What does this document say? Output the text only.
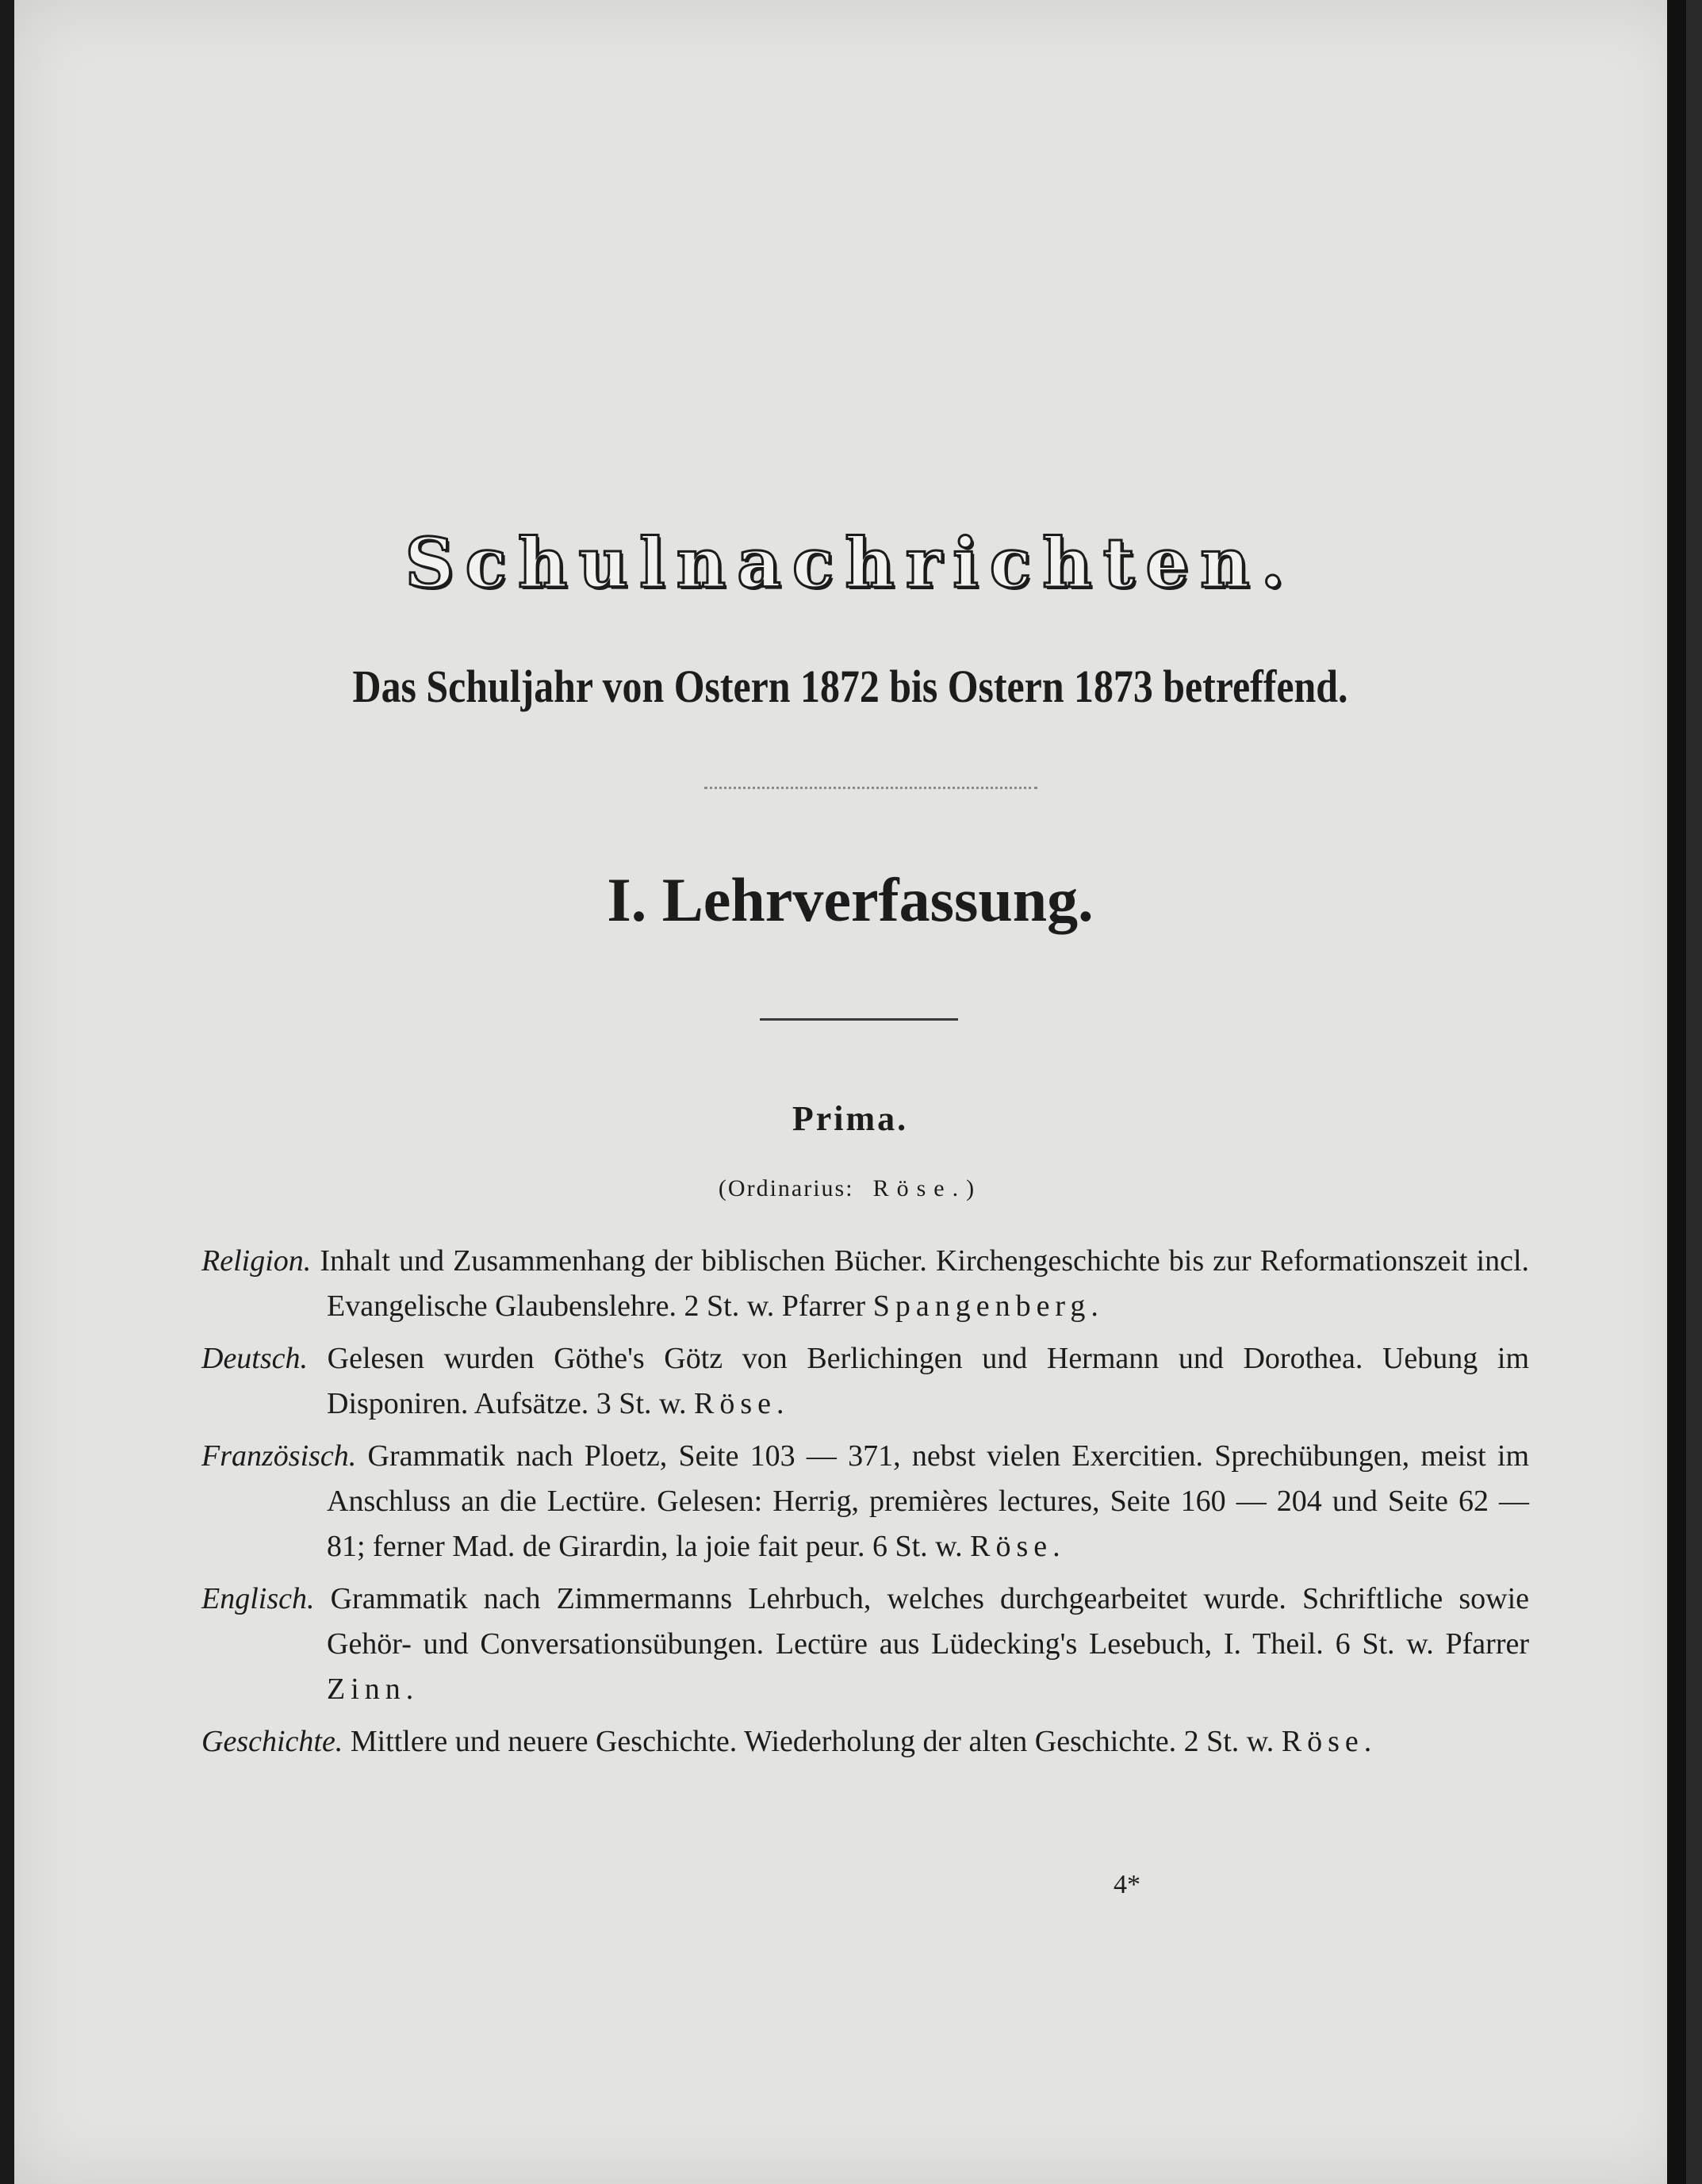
Schulnachrichten.
Das Schuljahr von Ostern 1872 bis Ostern 1873 betreffend.
I. Lehrverfassung.
Prima.
(Ordinarius: Röse.)

Religion. Inhalt und Zusammenhang der biblischen Bücher. Kirchengeschichte bis zur Reformationszeit incl. Evangelische Glaubenslehre. 2 St. w. Pfarrer Spangenberg.

Deutsch. Gelesen wurden Göthe's Götz von Berlichingen und Hermann und Dorothea. Uebung im Disponiren. Aufsätze. 3 St. w. Röse.

Französisch. Grammatik nach Ploetz, Seite 103 — 371, nebst vielen Exercitien. Sprechübungen, meist im Anschluss an die Lectüre. Gelesen: Herrig, premières lectures, Seite 160 — 204 und Seite 62 — 81; ferner Mad. de Girardin, la joie fait peur. 6 St. w. Röse.

Englisch. Grammatik nach Zimmermanns Lehrbuch, welches durchgearbeitet wurde. Schriftliche sowie Gehör- und Conversationsübungen. Lectüre aus Lüdecking's Lesebuch, I. Theil. 6 St. w. Pfarrer Zinn.

Geschichte. Mittlere und neuere Geschichte. Wiederholung der alten Geschichte. 2 St. w. Röse.

4*
